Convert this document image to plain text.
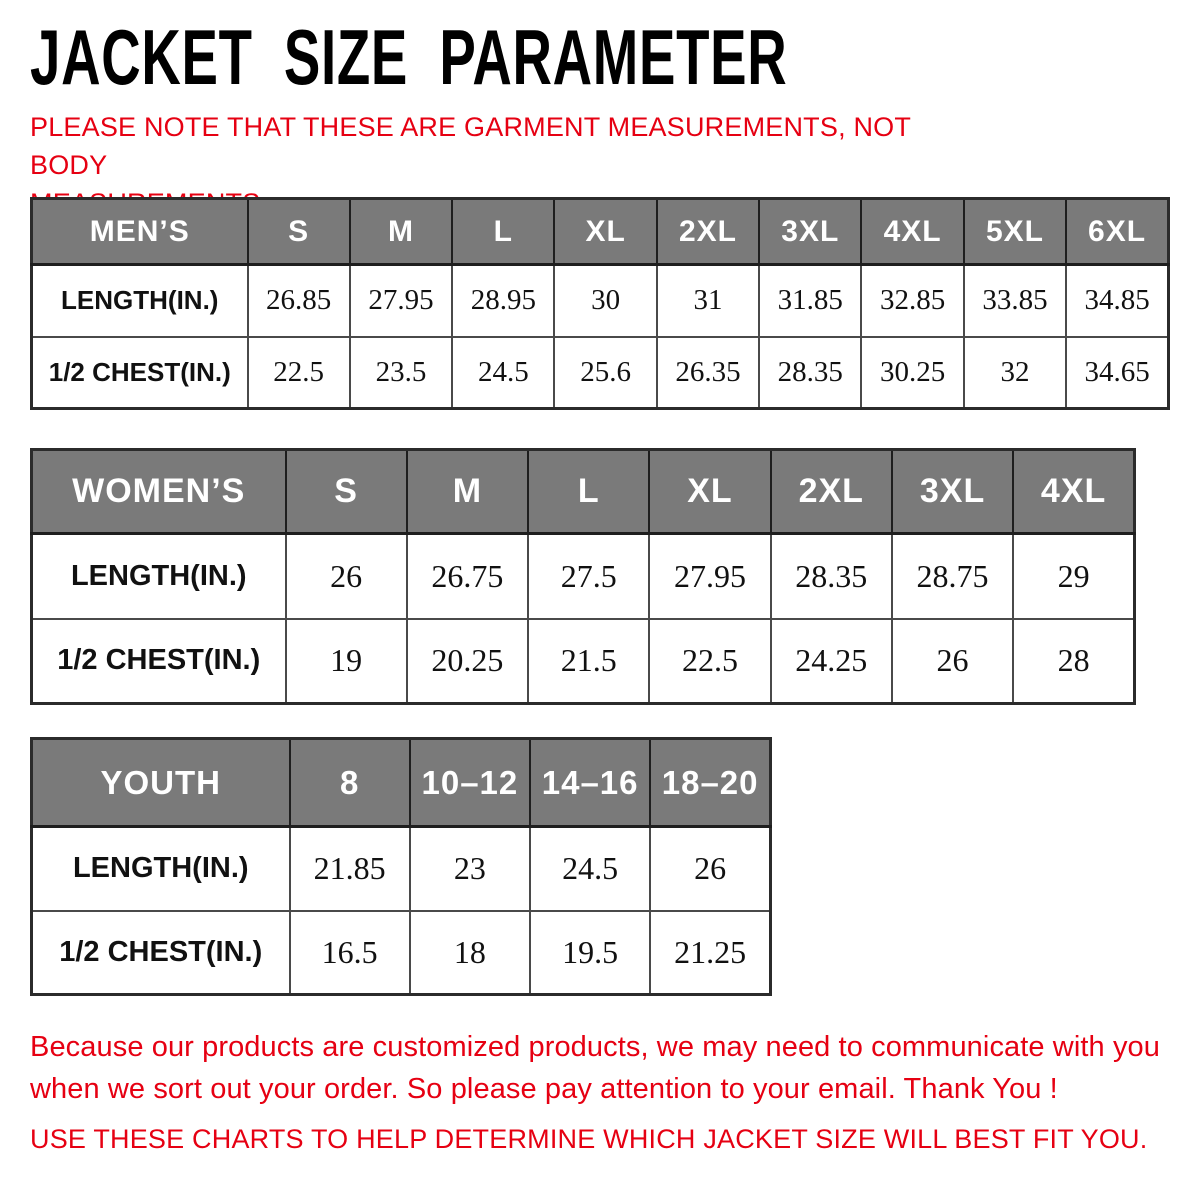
JACKET SIZE PARAMETER
PLEASE NOTE THAT THESE ARE GARMENT MEASUREMENTS, NOT BODY
MEN’S	S	M	L	XL	2XL	3XL	4XL	5XL	6XL
LENGTH(IN.)	26.85	27.95	28.95	30	31	31.85	32.85	33.85	34.85
1/2 CHEST(IN.)	22.5	23.5	24.5	25.6	26.35	28.35	30.25	32	34.65
WOMEN’S	S	M	L	XL	2XL	3XL	4XL
LENGTH(IN.)	26	26.75	27.5	27.95	28.35	28.75	29
1/2 CHEST(IN.)	19	20.25	21.5	22.5	24.25	26	28
YOUTH	8	10–12	14–16	18–20
LENGTH(IN.)	21.85	23	24.5	26
1/2 CHEST(IN.)	16.5	18	19.5	21.25
Because our products are customized products, we may need to communicate with you
when we sort out your order. So please pay attention to your email. Thank You !
USE THESE CHARTS TO HELP DETERMINE WHICH JACKET SIZE WILL BEST FIT YOU.
